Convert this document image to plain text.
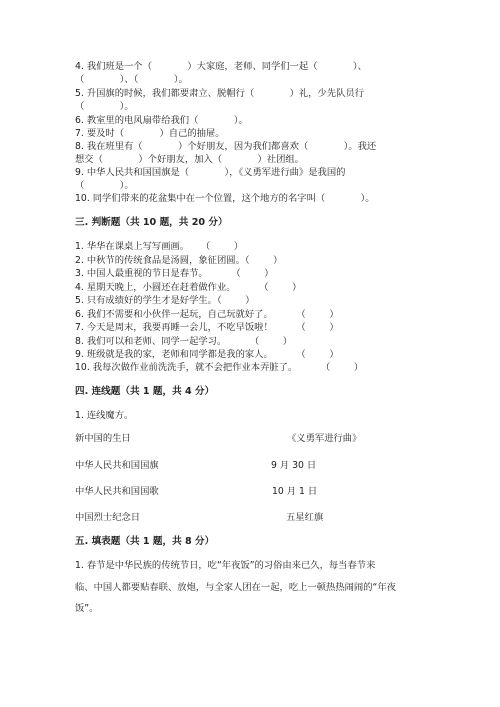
4. 我们班是一个（            ）大家庭，老师、同学们一起（            ）、
（            ）、（            ）。
5. 升国旗的时候，我们都要肃立、脱帽行（            ）礼，少先队员行
（            ）。
6. 教室里的电风扇带给我们（            ）。
7. 要及时（            ）自己的抽屉。
8. 我在班里有（            ）个好朋友，因为我们都喜欢（            ）。我还
想交（            ）个好朋友，加入（            ）社团组。
9. 中华人民共和国国旗是（            ），《义勇军进行曲》是我国的
（            ）。
10. 同学们带来的花盆集中在一个位置，这个地方的名字叫（            ）。
三. 判断题（共 10 题，共 20 分）
1. 华华在课桌上写写画画。    （        ）
2. 中秋节的传统食品是汤圆，象征团圆。（        ）
3. 中国人最重视的节日是春节。        （        ）
4. 星期天晚上，小圆还在赶着做作业。        （        ）
5. 只有成绩好的学生才是好学生。（        ）
6. 我们不需要和小伙伴一起玩，自己玩就好了。        （        ）
7. 今天是周末，我要再睡一会儿，不吃早饭啦！        （        ）
8. 我们可以和老师、同学一起学习。        （        ）
9. 班级就是我的家，老师和同学都是我的家人。        （        ）
10. 我每次做作业前洗洗手，就不会把作业本弄脏了。        （        ）
四. 连线题（共 1 题，共 4 分）
1. 连线魔方。
新中国的生日	《义勇军进行曲》
中华人民共和国国旗	9 月 30 日
中华人民共和国国歌	10 月 1 日
中国烈士纪念日	五星红旗
五. 填表题（共 1 题，共 8 分）
1. 春节是中华民族的传统节日，吃“年夜饭”的习俗由来已久，每当春节来
临、中国人都要贴春联、放炮，与全家人团在一起，吃上一顿热热闹闹的“年夜
饭”。
